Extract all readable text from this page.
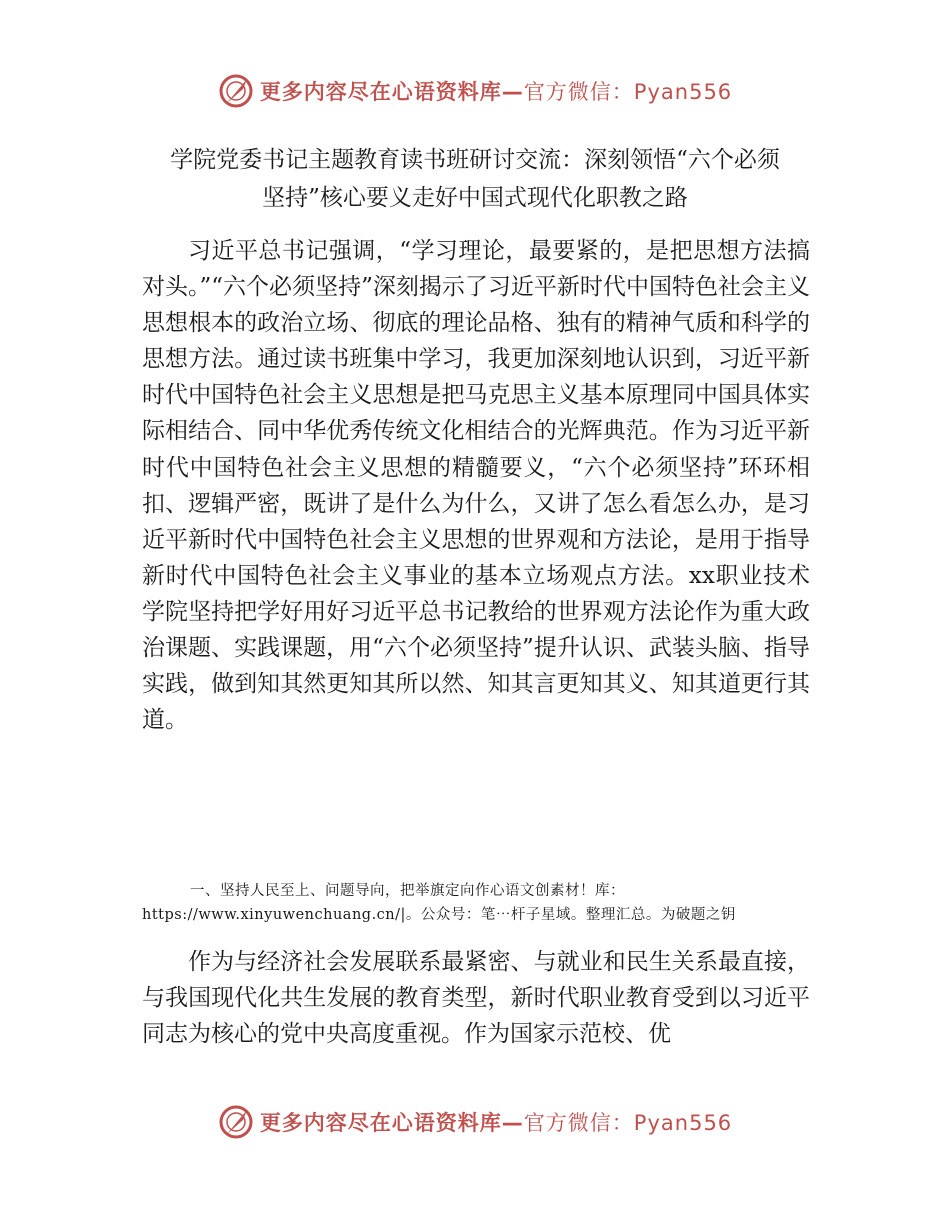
更多内容尽在心语资料库—官方微信：Pyan556
学院党委书记主题教育读书班研讨交流：深刻领悟“六个必须
坚持”核心要义走好中国式现代化职教之路

习近平总书记强调，“学习理论，最要紧的，是把思想方法搞对头。”“六个必须坚持”深刻揭示了习近平新时代中国特色社会主义思想根本的政治立场、彻底的理论品格、独有的精神气质和科学的思想方法。通过读书班集中学习，我更加深刻地认识到，习近平新时代中国特色社会主义思想是把马克思主义基本原理同中国具体实际相结合、同中华优秀传统文化相结合的光辉典范。作为习近平新时代中国特色社会主义思想的精髓要义，“六个必须坚持”环环相扣、逻辑严密，既讲了是什么为什么，又讲了怎么看怎么办，是习近平新时代中国特色社会主义思想的世界观和方法论，是用于指导新时代中国特色社会主义事业的基本立场观点方法。xx职业技术学院坚持把学好用好习近平总书记教给的世界观方法论作为重大政治课题、实践课题，用“六个必须坚持”提升认识、武装头脑、指导实践，做到知其然更知其所以然、知其言更知其义、知其道更行其道。

一、坚持人民至上、问题导向，把举旗定向作心语文创素材！库：https://www.xinyuwenchuang.cn/|。公众号：笔⋯杆子星域。整理汇总。为破题之钥

作为与经济社会发展联系最紧密、与就业和民生关系最直接，与我国现代化共生发展的教育类型，新时代职业教育受到以习近平同志为核心的党中央高度重视。作为国家示范校、优

更多内容尽在心语资料库—官方微信：Pyan556
